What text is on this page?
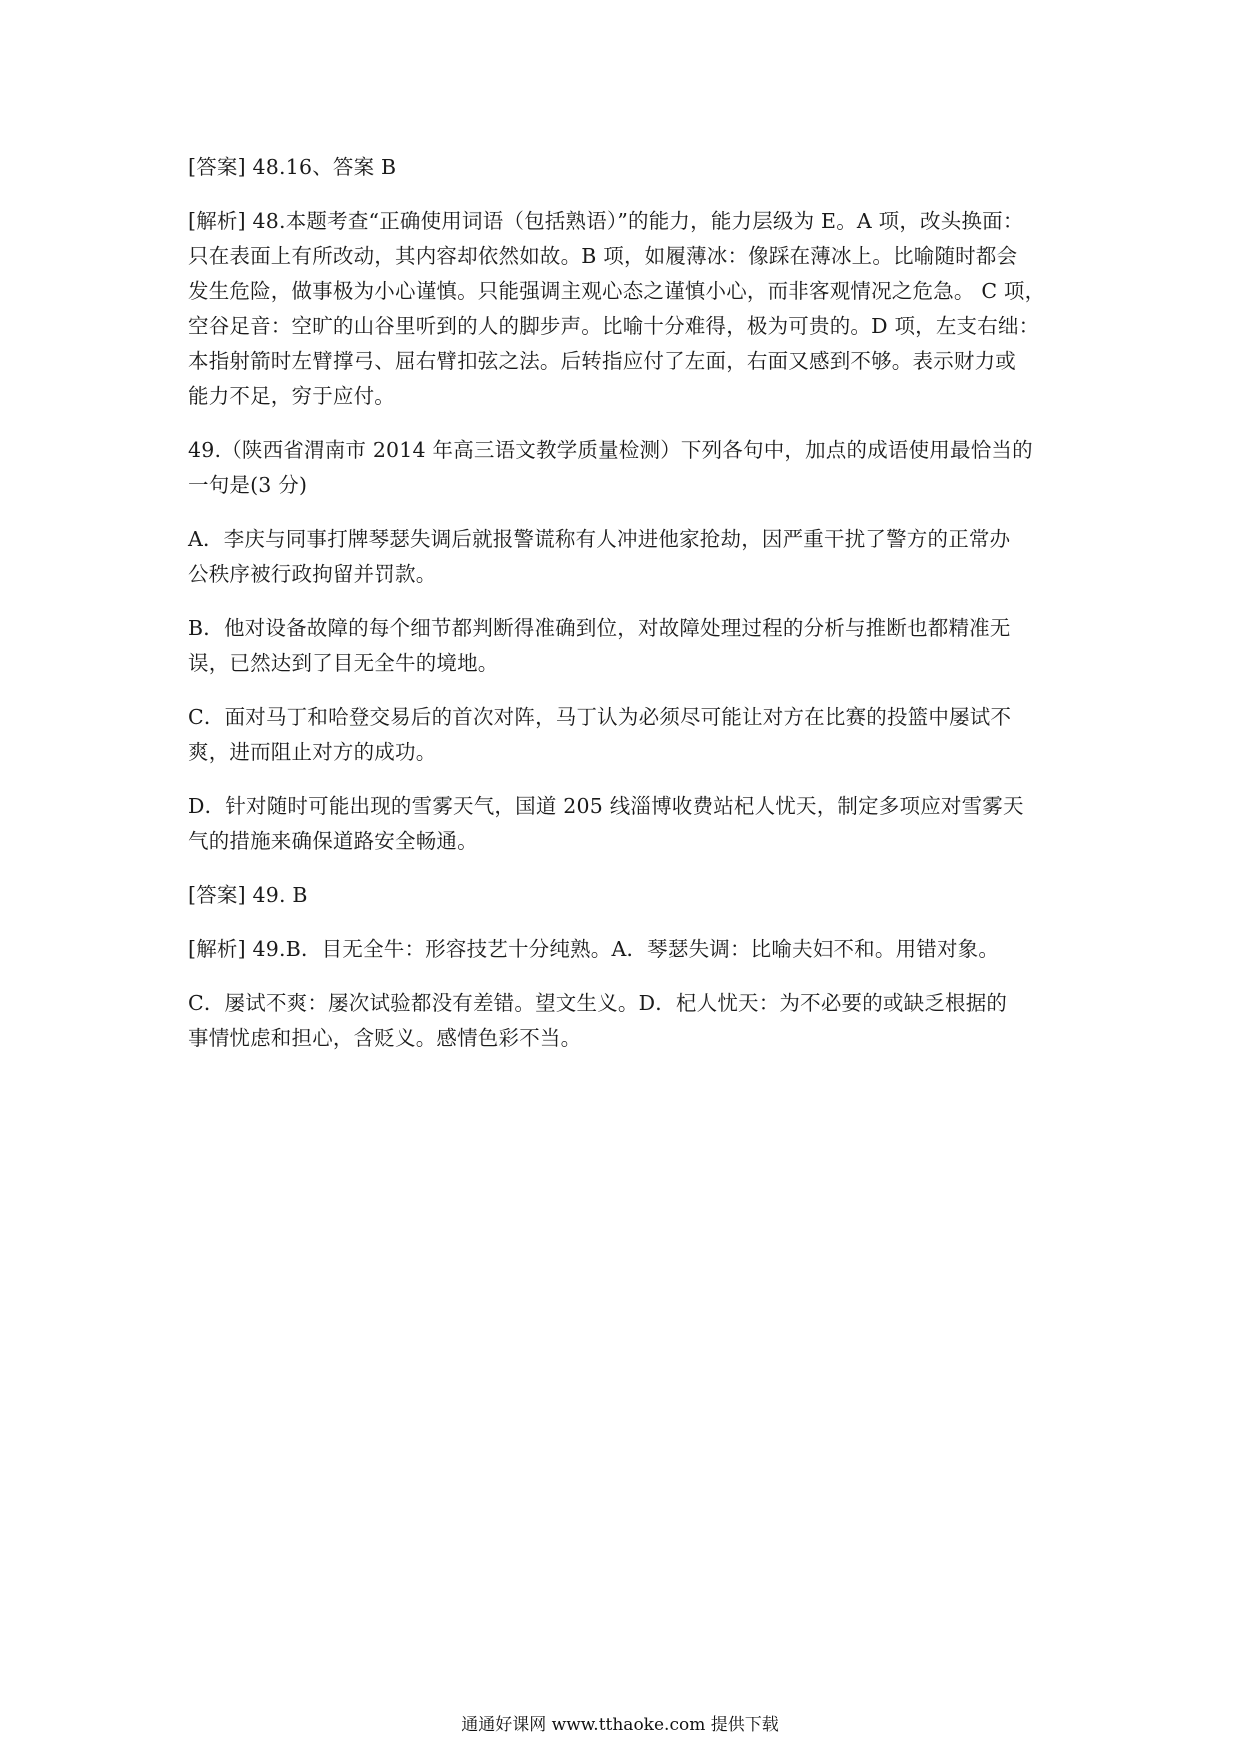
[答案] 48.16、答案 B

[解析] 48.本题考查“正确使用词语（包括熟语）”的能力，能力层级为 E。A 项，改头换面：
只在表面上有所改动，其内容却依然如故。B 项，如履薄冰：像踩在薄冰上。比喻随时都会
发生危险，做事极为小心谨慎。只能强调主观心态之谨慎小心，而非客观情况之危急。 C 项，
空谷足音：空旷的山谷里听到的人的脚步声。比喻十分难得，极为可贵的。D 项，左支右绌：
本指射箭时左臂撑弓、屈右臂扣弦之法。后转指应付了左面，右面又感到不够。表示财力或
能力不足，穷于应付。

49.（陕西省渭南市 2014 年高三语文教学质量检测）下列各句中，加点的成语使用最恰当的
一句是(3 分)

A．李庆与同事打牌琴瑟失调后就报警谎称有人冲进他家抢劫，因严重干扰了警方的正常办
公秩序被行政拘留并罚款。

B．他对设备故障的每个细节都判断得准确到位，对故障处理过程的分析与推断也都精准无
误，已然达到了目无全牛的境地。

C．面对马丁和哈登交易后的首次对阵，马丁认为必须尽可能让对方在比赛的投篮中屡试不
爽，进而阻止对方的成功。

D．针对随时可能出现的雪雾天气，国道 205 线淄博收费站杞人忧天，制定多项应对雪雾天
气的措施来确保道路安全畅通。

[答案] 49. B

[解析] 49.B．目无全牛：形容技艺十分纯熟。A．琴瑟失调：比喻夫妇不和。用错对象。

C．屡试不爽：屡次试验都没有差错。望文生义。D．杞人忧天：为不必要的或缺乏根据的
事情忧虑和担心，含贬义。感情色彩不当。

通通好课网 www.tthaoke.com 提供下载
